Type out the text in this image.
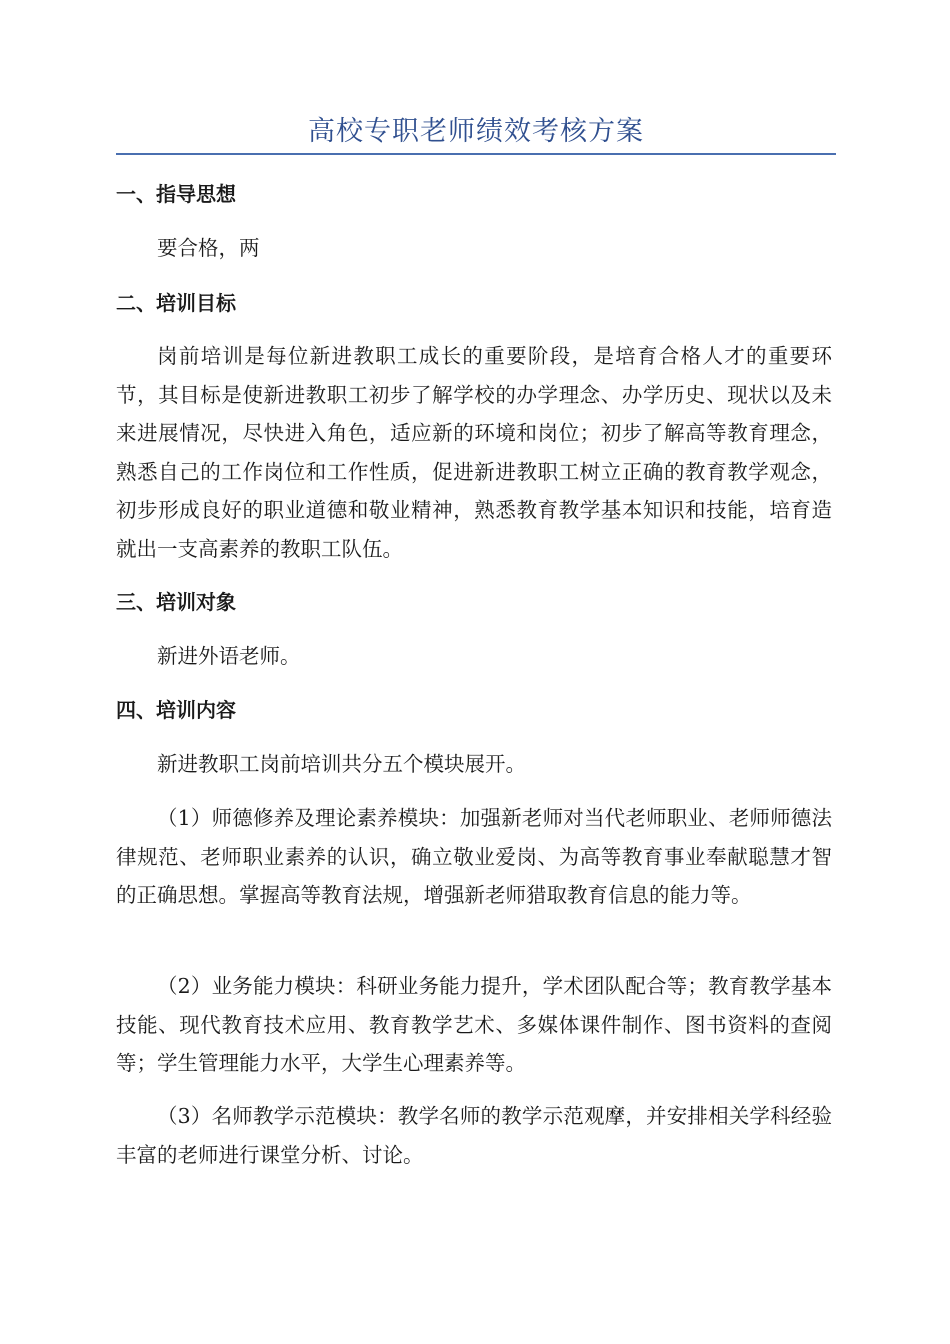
高校专职老师绩效考核方案
一、指导思想
要合格，两
二、培训目标
岗前培训是每位新进教职工成长的重要阶段，是培育合格人才的重要环节，其目标是使新进教职工初步了解学校的办学理念、办学历史、现状以及未来进展情况，尽快进入角色，适应新的环境和岗位；初步了解高等教育理念，熟悉自己的工作岗位和工作性质，促进新进教职工树立正确的教育教学观念，初步形成良好的职业道德和敬业精神，熟悉教育教学基本知识和技能，培育造就出一支高素养的教职工队伍。
三、培训对象
新进外语老师。
四、培训内容
新进教职工岗前培训共分五个模块展开。
（1）师德修养及理论素养模块：加强新老师对当代老师职业、老师师德法律规范、老师职业素养的认识，确立敬业爱岗、为高等教育事业奉献聪慧才智的正确思想。掌握高等教育法规，增强新老师猎取教育信息的能力等。
（2）业务能力模块：科研业务能力提升，学术团队配合等；教育教学基本技能、现代教育技术应用、教育教学艺术、多媒体课件制作、图书资料的查阅等；学生管理能力水平，大学生心理素养等。
（3）名师教学示范模块：教学名师的教学示范观摩，并安排相关学科经验丰富的老师进行课堂分析、讨论。
